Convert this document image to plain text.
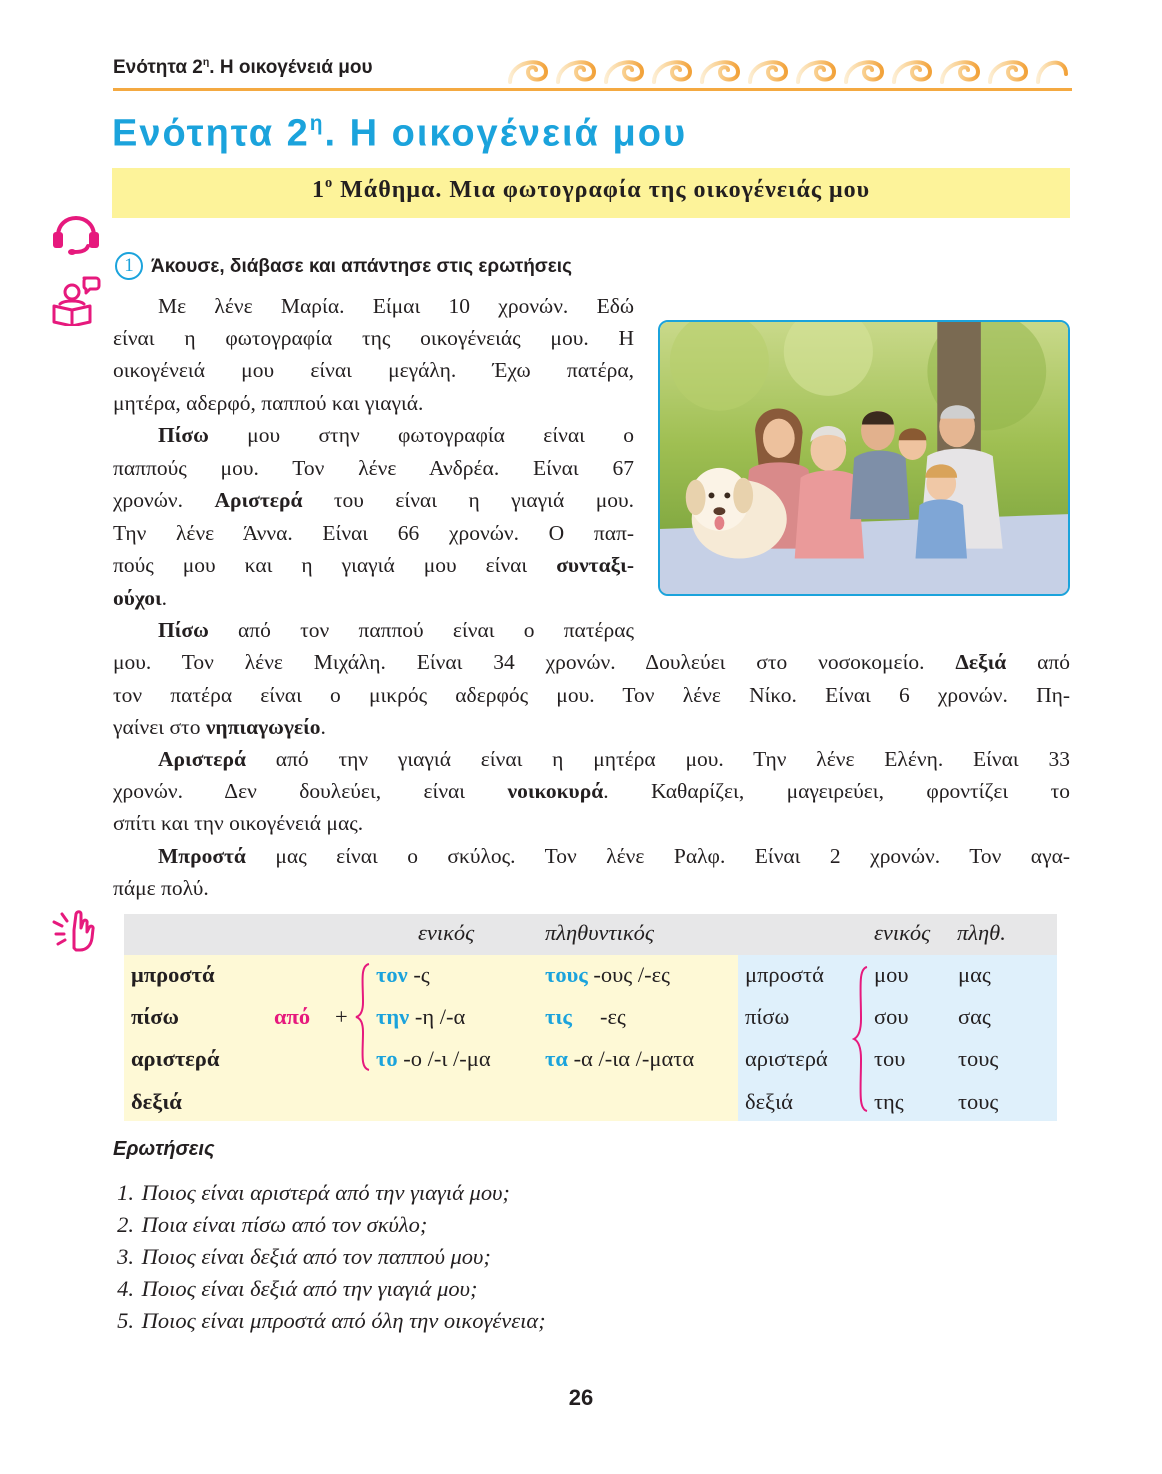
Ενότητα $2^\eta$. Η οικογένειά μου
Ενότητα $2^\eta$. Η οικογένειά μου
$1^o$ Μάθημα. Μια φωτογραφία της οικογένειάς μου
1 Άκουσε, διάβασε και απάντησε στις ερωτήσεις
Με λένε Μαρία. Είμαι 10 χρονών. Εδώ
είναι η φωτογραφία της οικογένειάς μου. Η
οικογένειά μου είναι μεγάλη. Έχω πατέρα,
μητέρα, αδερφό, παππού και γιαγιά.
Πίσω μου στην φωτογραφία είναι ο
παππούς μου. Τον λένε Ανδρέα. Είναι 67
χρονών. Αριστερά του είναι η γιαγιά μου.
Την λένε Άννα. Είναι 66 χρονών. Ο παπ-
πούς μου και η γιαγιά μου είναι συνταξι-
ούχοι.
Πίσω από τον παππού είναι ο πατέρας
μου. Τον λένε Μιχάλη. Είναι 34 χρονών. Δουλεύει στο νοσοκομείο. Δεξιά από
τον πατέρα είναι ο μικρός αδερφός μου. Τον λένε Νίκο. Είναι 6 χρονών. Πη-
γαίνει στο νηπιαγωγείο.
Αριστερά από την γιαγιά είναι η μητέρα μου. Την λένε Ελένη. Είναι 33
χρονών. Δεν δουλεύει, είναι νοικοκυρά. Καθαρίζει, μαγειρεύει, φροντίζει το
σπίτι και την οικογένειά μας.
Μπροστά μας είναι ο σκύλος. Τον λένε Ραλφ. Είναι 2 χρονών. Τον αγα-
πάμε πολύ.
ενικός	πληθυντικός	ενικός πληθ.
μπροστά
πίσω
αριστερά
δεξιά
από +
τον -ς
την -η /-α
το -ο /-ι /-μα
τους -ους /-ες
τις     -ες
τα -α /-ια /-ματα
μπροστά
πίσω
αριστερά
δεξιά
μου
σου
του
της
μας
σας
τους
τους
Ερωτήσεις
1. Ποιος είναι αριστερά από την γιαγιά μου;
2. Ποια είναι πίσω από τον σκύλο;
3. Ποιος είναι δεξιά από τον παππού μου;
4. Ποιος είναι δεξιά από την γιαγιά μου;
5. Ποιος είναι μπροστά από όλη την οικογένεια;
26
